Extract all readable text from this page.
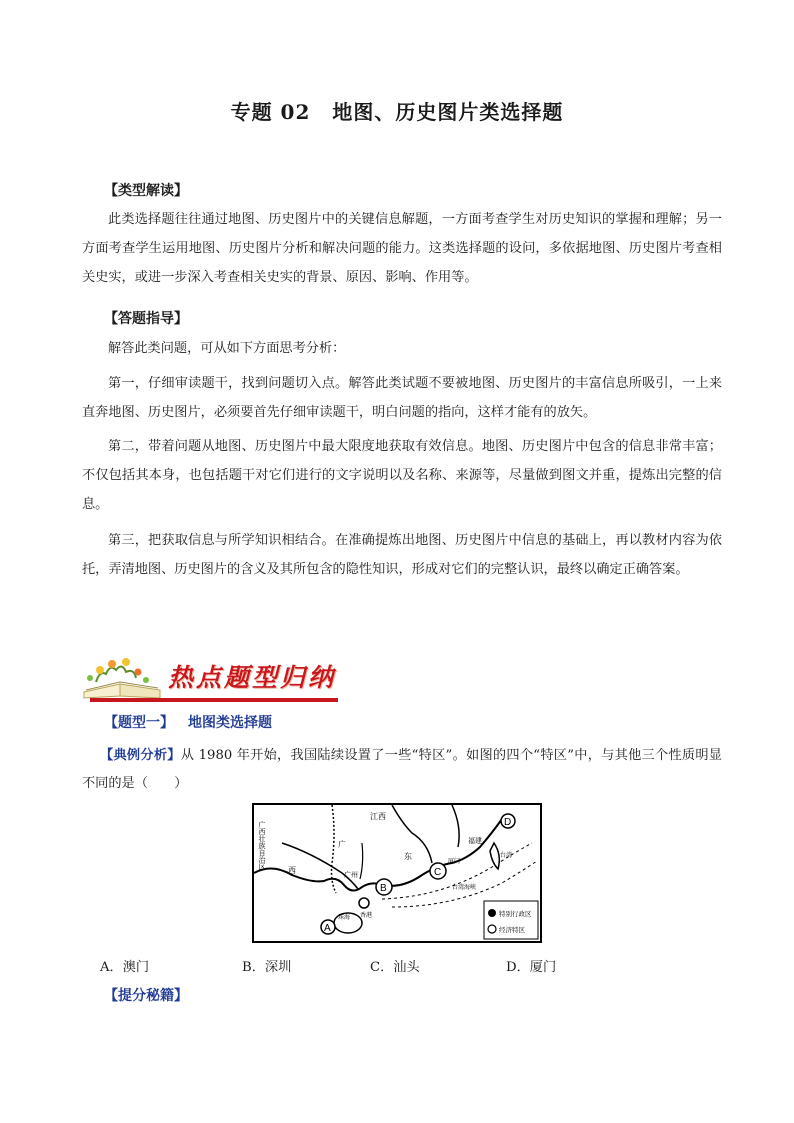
专题 02 地图、历史图片类选择题
【类型解读】

此类选择题往往通过地图、历史图片中的关键信息解题，一方面考查学生对历史知识的掌握和理解；另一方面考查学生运用地图、历史图片分析和解决问题的能力。这类选择题的设问，多依据地图、历史图片考查相关史实，或进一步深入考查相关史实的背景、原因、影响、作用等。

【答题指导】

解答此类问题，可从如下方面思考分析：

第一，仔细审读题干，找到问题切入点。解答此类试题不要被地图、历史图片的丰富信息所吸引，一上来直奔地图、历史图片，必须要首先仔细审读题干，明白问题的指向，这样才能有的放矢。

第二，带着问题从地图、历史图片中最大限度地获取有效信息。地图、历史图片中包含的信息非常丰富；不仅包括其本身，也包括题干对它们进行的文字说明以及名称、来源等，尽量做到图文并重，提炼出完整的信息。

第三，把获取信息与所学知识相结合。在准确提炼出地图、历史图片中信息的基础上，再以教材内容为依托，弄清地图、历史图片的含义及其所包含的隐性知识，形成对它们的完整认识，最终以确定正确答案。

热点题型归纳
【题型一】 地图类选择题

【典例分析】从 1980 年开始，我国陆续设置了一些“特区”。如图的四个“特区”中，与其他三个性质明显不同的是（　　）

A
B
C
D
广西壮族自治区
江西
广
东
广州
西
福建
台湾
台湾海峡
珠海 香港
厦门
特别行政区
经济特区
A．澳门	B．深圳	C．汕头	D．厦门
【提分秘籍】
